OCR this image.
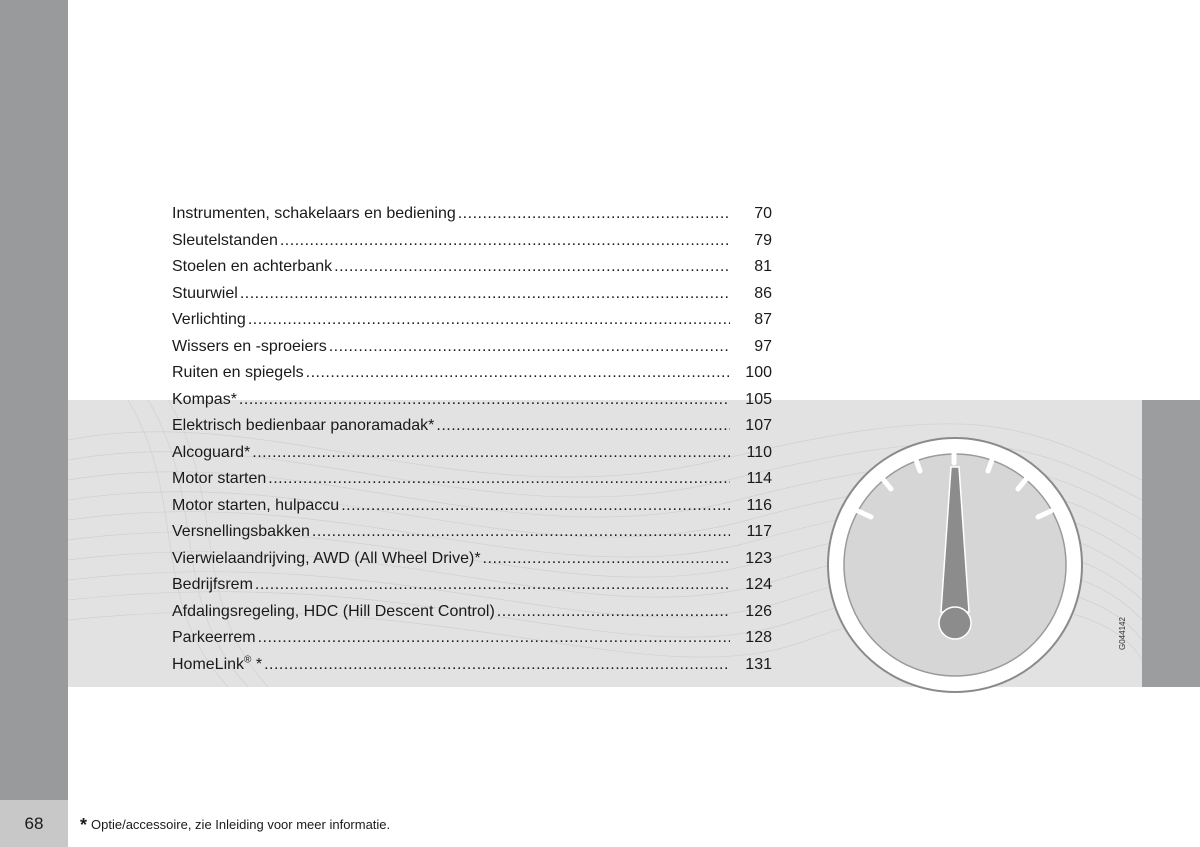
68
Instrumenten, schakelaars en bediening .....	70
Sleutelstanden .....	79
Stoelen en achterbank .....	81
Stuurwiel .....	86
Verlichting .....	87
Wissers en -sproeiers .....	97
Ruiten en spiegels .....	100
Kompas* .....	105
Elektrisch bedienbaar panoramadak* .....	107
Alcoguard* .....	110
Motor starten .....	114
Motor starten, hulpaccu .....	116
Versnellingsbakken .....	117
Vierwielaandrijving, AWD (All Wheel Drive)* .....	123
Bedrijfsrem .....	124
Afdalingsregeling, HDC (Hill Descent Control) .....	126
Parkeerrem .....	128
HomeLink® * .....	131
G044142
* Optie/accessoire, zie Inleiding voor meer informatie.
